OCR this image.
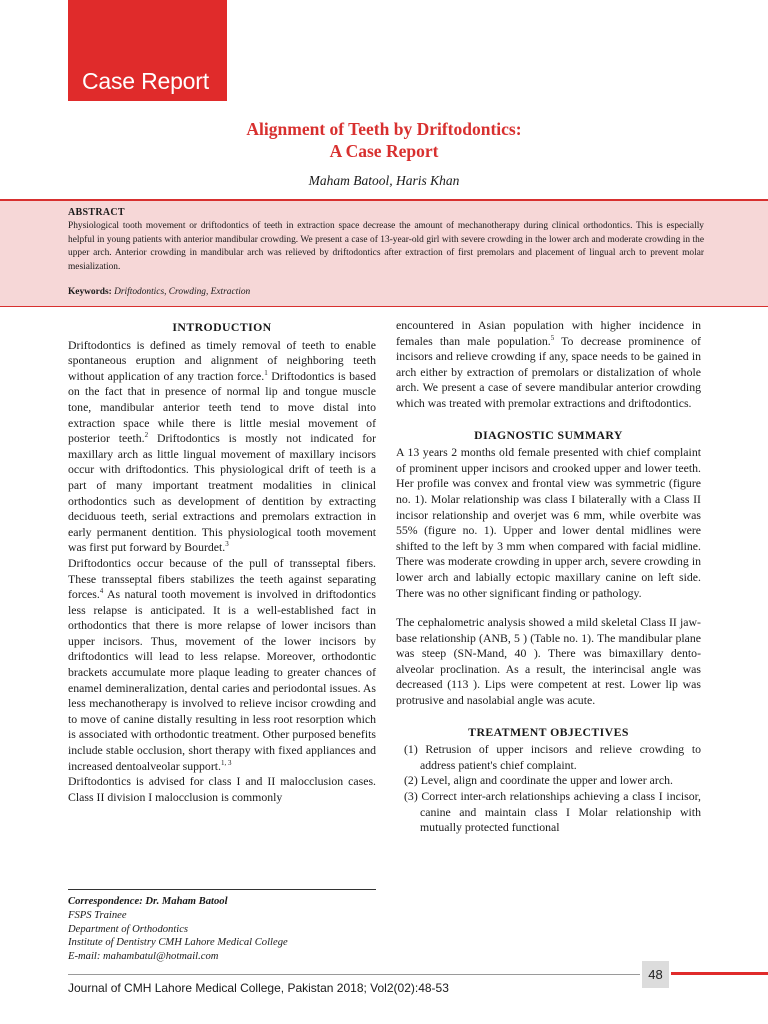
Case Report
Alignment of Teeth by Driftodontics:
A Case Report
Maham Batool, Haris Khan
ABSTRACT
Physiological tooth movement or driftodontics of teeth in extraction space decrease the amount of mechanotherapy during clinical orthodontics. This is especially helpful in young patients with anterior mandibular crowding. We present a case of 13-year-old girl with severe crowding in the lower arch and moderate crowding in the upper arch. Anterior crowding in mandibular arch was relieved by driftodontics after extraction of first premolars and placement of lingual arch to prevent molar mesialization.
Keywords: Driftodontics, Crowding, Extraction
INTRODUCTION

Driftodontics is defined as timely removal of teeth to enable spontaneous eruption and alignment of neighboring teeth without application of any traction force.$^1$ Driftodontics is based on the fact that in presence of normal lip and tongue muscle tone, mandibular anterior teeth tend to move distal into extraction space while there is little mesial movement of posterior teeth.$^2$ Driftodontics is mostly not indicated for maxillary arch as little lingual movement of maxillary incisors occur with driftodontics. This physiological drift of teeth is a part of many important treatment modalities in clinical orthodontics such as development of dentition by extracting deciduous teeth, serial extractions and premolars extraction in early permanent dentition. This physiological tooth movement was first put forward by Bourdet.$^3$

Driftodontics occur because of the pull of transseptal fibers. These transseptal fibers stabilizes the teeth against separating forces.$^4$ As natural tooth movement is involved in driftodontics less relapse is anticipated. It is a well-established fact in orthodontics that there is more relapse of lower incisors than upper incisors. Thus, movement of the lower incisors by driftodontics will lead to less relapse. Moreover, orthodontic brackets accumulate more plaque leading to greater chances of enamel demineralization, dental caries and periodontal issues. As less mechanotherapy is involved to relieve incisor crowding and to move of canine distally resulting in less root resorption which is associated with orthodontic treatment. Other purposed benefits include stable occlusion, short therapy with fixed appliances and increased dentoalveolar support.$^{1, 3}$

Driftodontics is advised for class I and II malocclusion cases. Class II division I malocclusion is commonly

encountered in Asian population with higher incidence in females than male population.$^5$ To decrease prominence of incisors and relieve crowding if any, space needs to be gained in arch either by extraction of premolars or distalization of whole arch. We present a case of severe mandibular anterior crowding which was treated with premolar extractions and driftodontics.

DIAGNOSTIC SUMMARY

A 13 years 2 months old female presented with chief complaint of prominent upper incisors and crooked upper and lower teeth. Her profile was convex and frontal view was symmetric (figure no. 1). Molar relationship was class I bilaterally with a Class II incisor relationship and overjet was 6 mm, while overbite was 55% (figure no. 1). Upper and lower dental midlines were shifted to the left by 3 mm when compared with facial midline. There was moderate crowding in upper arch, severe crowding in lower arch and labially ectopic maxillary canine on left side. There was no other significant finding or pathology.

The cephalometric analysis showed a mild skeletal Class II jaw-base relationship (ANB, 5 ) (Table no. 1). The mandibular plane was steep (SN-Mand, 40 ). There was bimaxillary dento-alveolar proclination. As a result, the interincisal angle was decreased (113 ). Lips were competent at rest. Lower lip was protrusive and nasolabial angle was acute.

TREATMENT OBJECTIVES
(1) Retrusion of upper incisors and relieve crowding to address patient's chief complaint.
(2) Level, align and coordinate the upper and lower arch.
(3) Correct inter-arch relationships achieving a class I incisor, canine and maintain class I Molar relationship with mutually protected functional
Correspondence: Dr. Maham Batool
FSPS Trainee
Department of Orthodontics
Institute of Dentistry CMH Lahore Medical College
E-mail: mahambatul@hotmail.com
48
Journal of CMH Lahore Medical College, Pakistan 2018; Vol2(02):48-53
